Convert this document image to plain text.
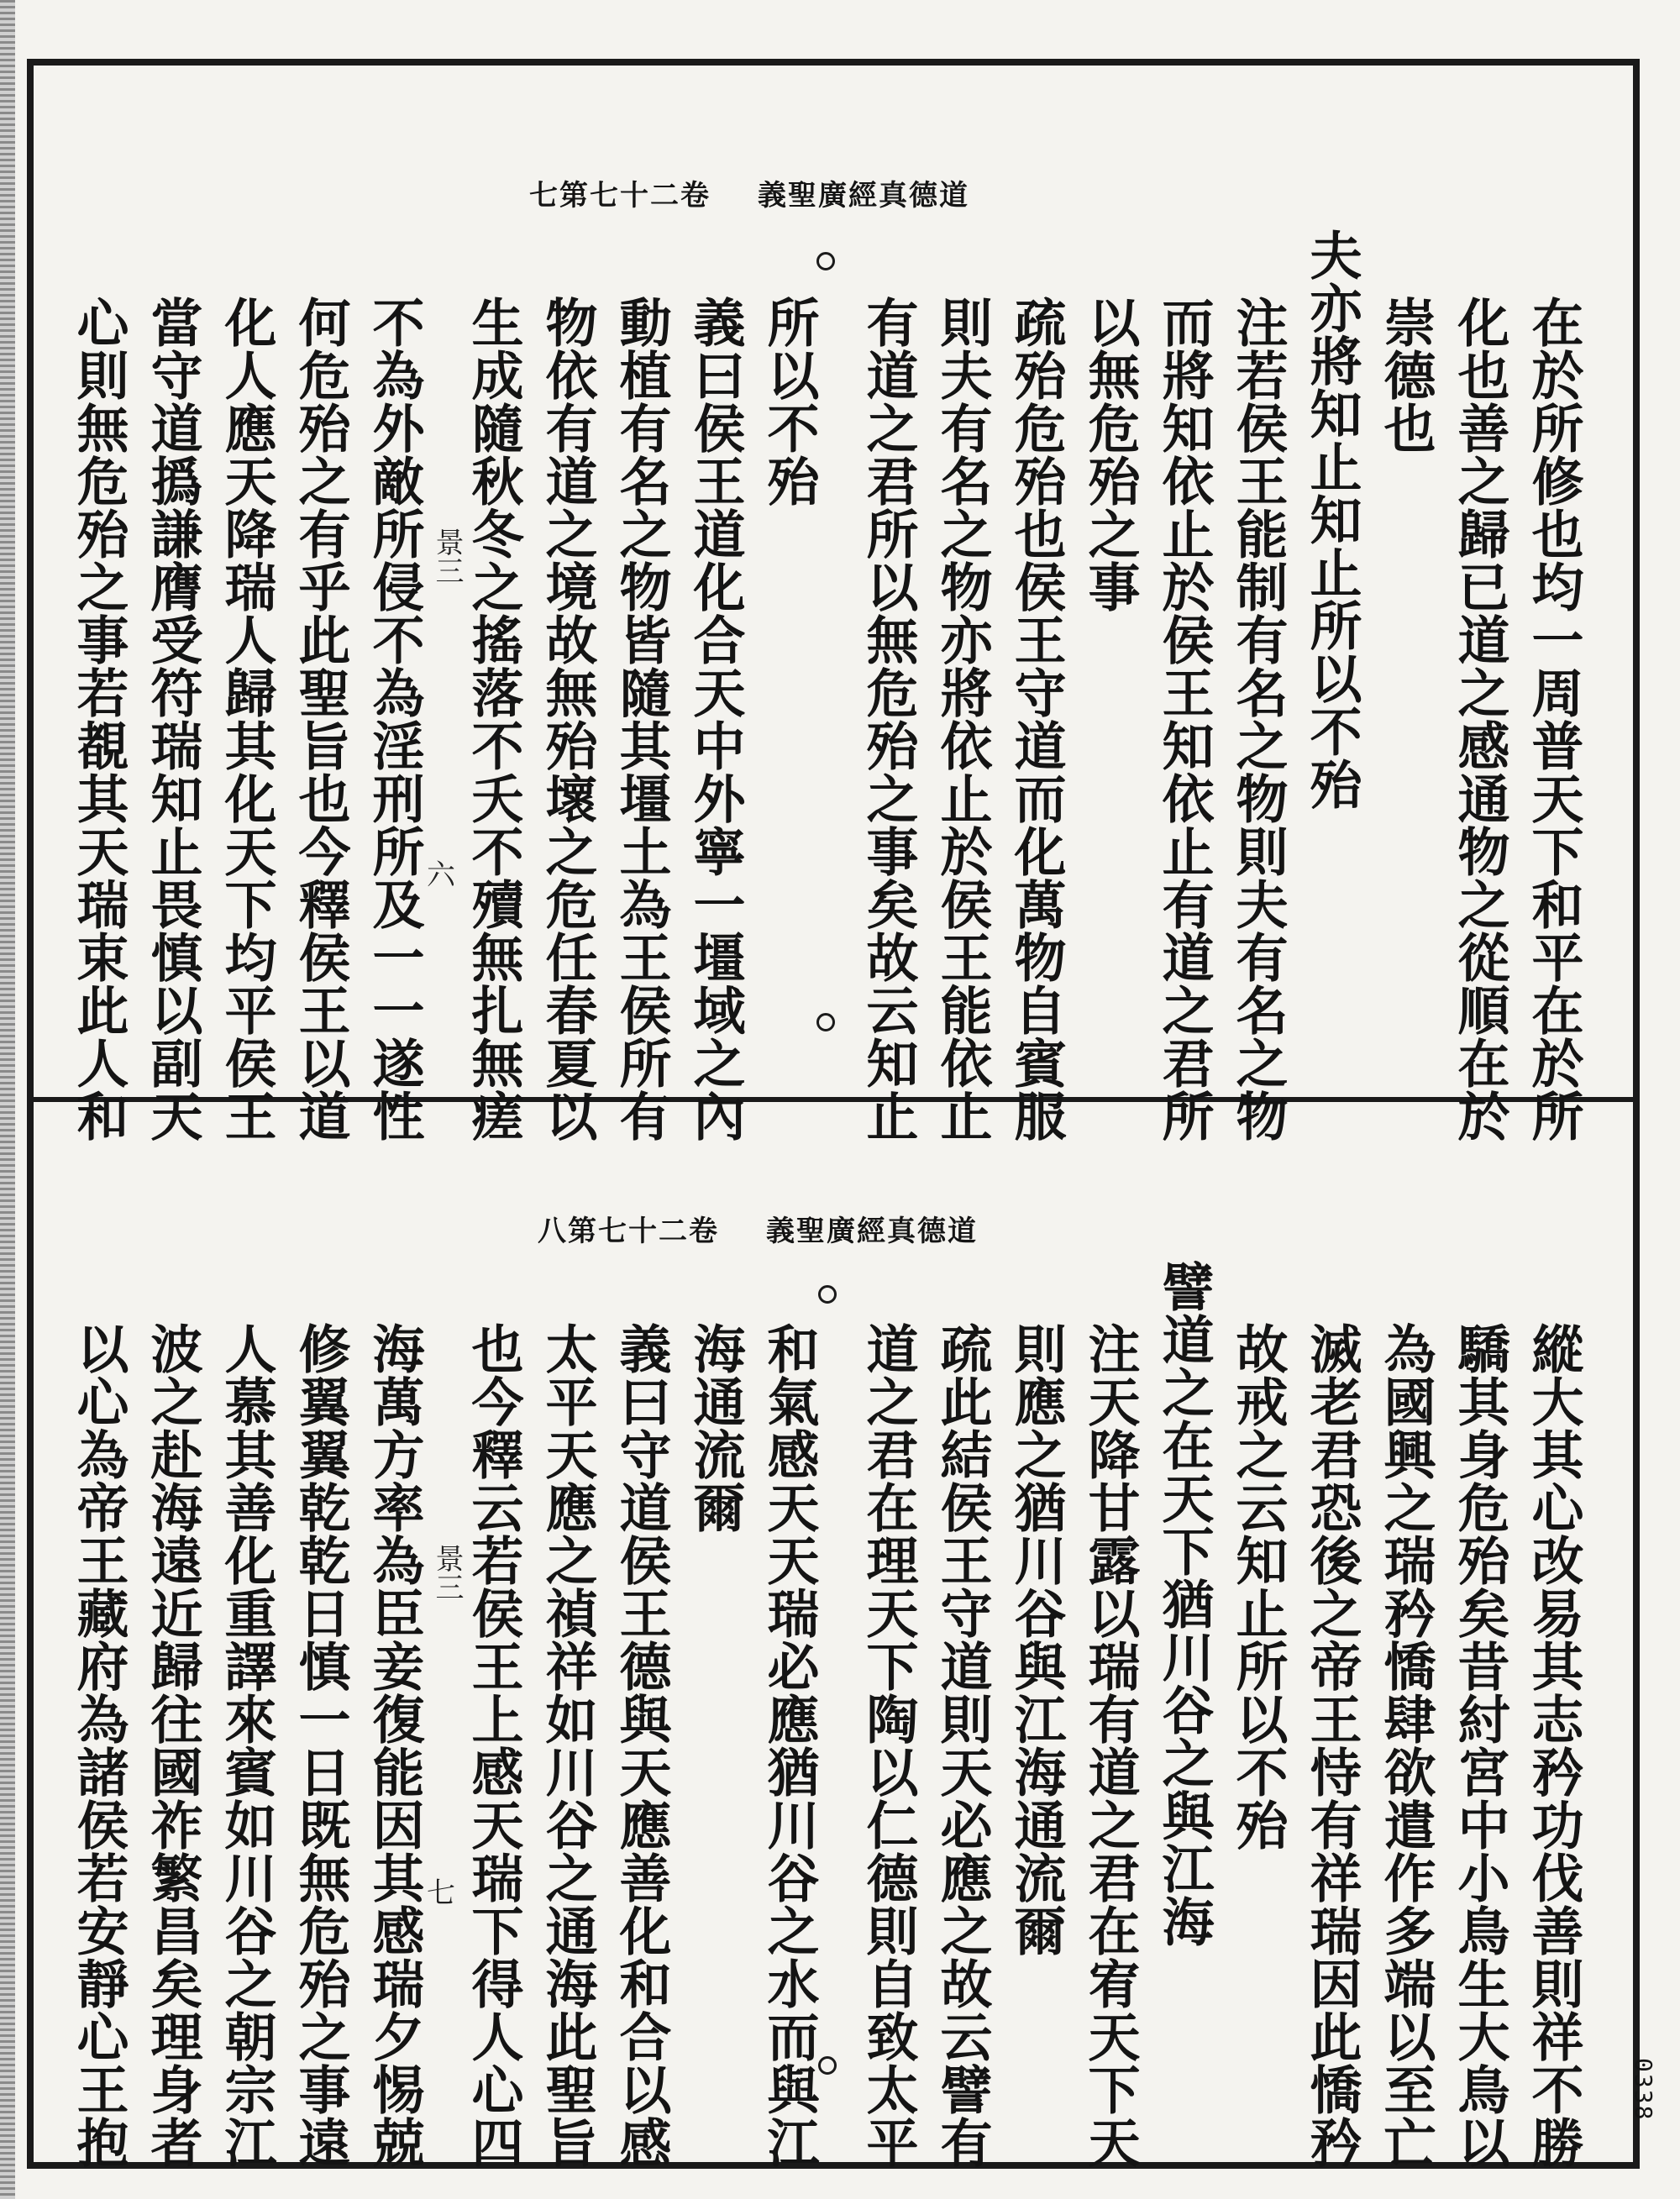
道德真經廣聖義卷二十七第七
在於所修也均一周普天下和平在於所
化也善之歸已道之感通物之從順在於
崇德也
夫亦將知止知止所以不殆
注若侯王能制有名之物則夫有名之物
而將知依止於侯王知依止有道之君所
以無危殆之事
疏殆危殆也侯王守道而化萬物自賓服
則夫有名之物亦將依止於侯王能依止
有道之君所以無危殆之事矣故云知止
所以不殆
義曰侯王道化合天中外寧一壃域之內
動植有名之物皆隨其壃土為王侯所有
物依有道之境故無殆壞之危任春夏以
生成隨秋冬之搖落不夭不殰無扎無瘥
不為外敵所侵不為淫刑所及一一遂性
何危殆之有乎此聖旨也今釋侯王以道
化人應天降瑞人歸其化天下均平侯王
當守道撝謙膺受符瑞知止畏慎以副天
心則無危殆之事若覩其天瑞束此人和	景三
六
道德真經廣聖義卷二十七第八
縱大其心改易其志矜功伐善則祥不勝
驕其身危殆矣昔紂宮中小鳥生大鳥以
為國興之瑞矜憍肆欲遣作多端以至亡
滅老君恐後之帝王恃有祥瑞因此憍矜
故戒之云知止所以不殆
譬道之在天下猶川谷之與江海
注天降甘露以瑞有道之君在宥天下天
則應之猶川谷與江海通流爾
疏此結侯王守道則天必應之故云譬有
道之君在理天下陶以仁德則自致太平
和氣感天天瑞必應猶川谷之水而與江
海通流爾
義曰守道侯王德與天應善化和合以感
太平天應之禎祥如川谷之通海此聖旨
也今釋云若侯王上感天瑞下得人心四
海萬方率為臣妾復能因其感瑞夕惕兢
修翼翼乾乾日慎一日既無危殆之事遠
人慕其善化重譯來賓如川谷之朝宗江
波之赴海遠近歸往國祚繁昌矣理身者
以心為帝王藏府為諸侯若安靜心王抱	景三
七
0338
